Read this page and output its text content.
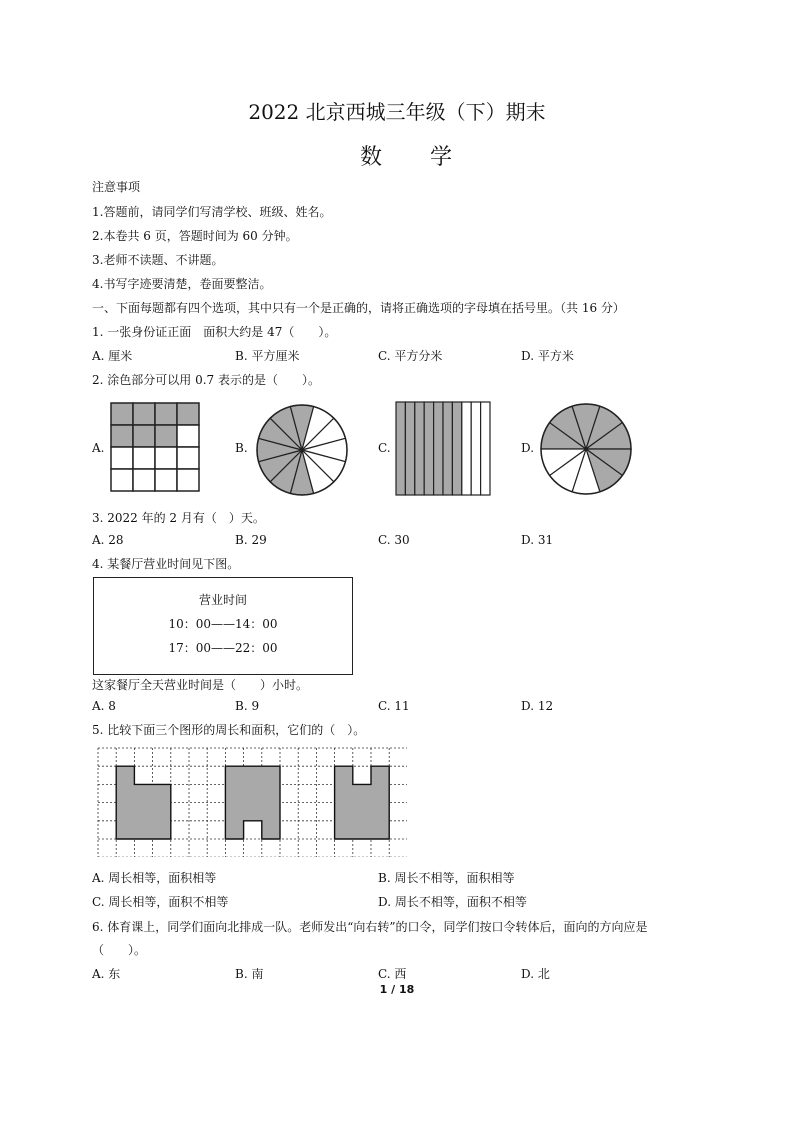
2022 北京西城三年级（下）期末
数 学
注意事项
1.答题前，请同学们写清学校、班级、姓名。
2.本卷共 6 页，答题时间为 60 分钟。
3.老师不读题、不讲题。
4.书写字迹要清楚，卷面要整洁。
一、下面每题都有四个选项，其中只有一个是正确的，请将正确选项的字母填在括号里。（共 16 分）
1. 一张身份证正面　面积大约是 47（　　）。
A. 厘米	B. 平方厘米	C. 平方分米	D. 平方米
2. 涂色部分可以用 0.7 表示的是（　　）。
A.	B.	C.	D.
3. 2022 年的 2 月有（　）天。
A. 28	B. 29	C. 30	D. 31
4. 某餐厅营业时间见下图。
营业时间
10：00——14：00
17：00——22：00
这家餐厅全天营业时间是（　　）小时。
A. 8	B. 9	C. 11	D. 12
5. 比较下面三个图形的周长和面积，它们的（　）。
A. 周长相等，面积相等	B. 周长不相等，面积相等
C. 周长相等，面积不相等	D. 周长不相等，面积不相等
6. 体育课上，同学们面向北排成一队。老师发出“向右转”的口令，同学们按口令转体后，面向的方向应是
（　　）。
A. 东	B. 南	C. 西	D. 北
1 / 18
